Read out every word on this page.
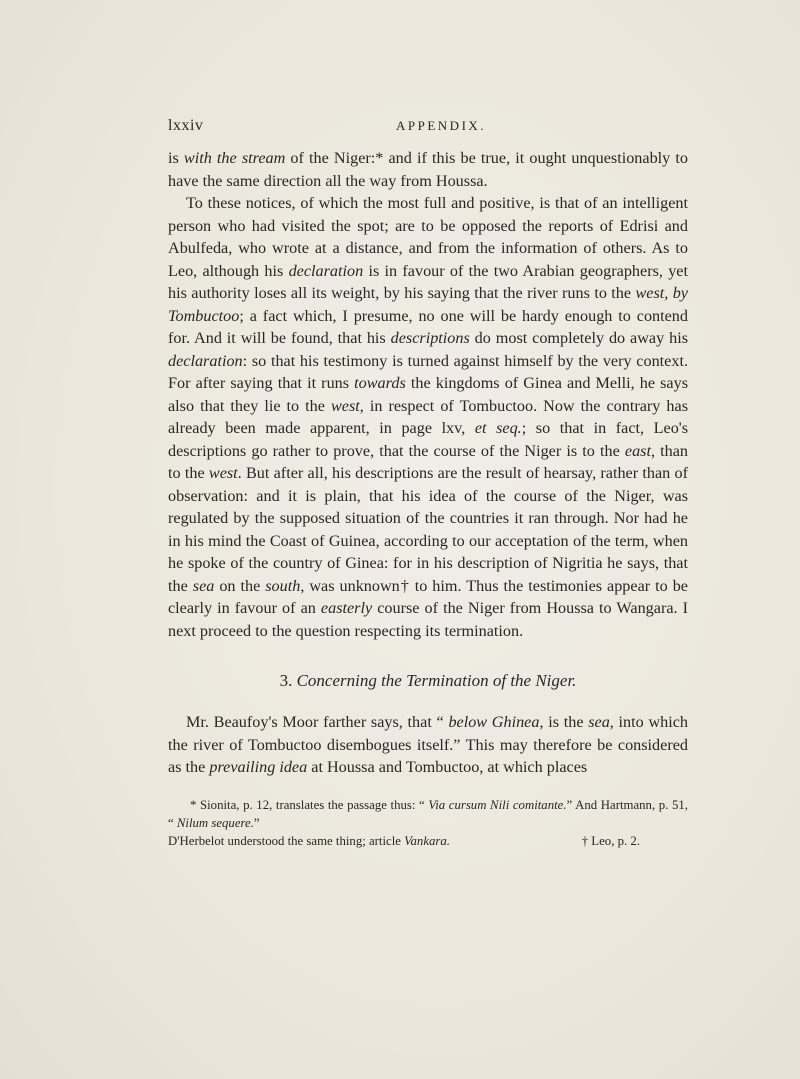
lxxiv	APPENDIX.

is with the stream of the Niger:* and if this be true, it ought unquestionably to have the same direction all the way from Houssa.

To these notices, of which the most full and positive, is that of an intelligent person who had visited the spot; are to be opposed the reports of Edrisi and Abulfeda, who wrote at a distance, and from the information of others. As to Leo, although his declaration is in favour of the two Arabian geographers, yet his authority loses all its weight, by his saying that the river runs to the west, by Tombuctoo; a fact which, I presume, no one will be hardy enough to contend for. And it will be found, that his descriptions do most completely do away his declaration: so that his testimony is turned against himself by the very context. For after saying that it runs towards the kingdoms of Ginea and Melli, he says also that they lie to the west, in respect of Tombuctoo. Now the contrary has already been made apparent, in page lxv, et seq.; so that in fact, Leo's descriptions go rather to prove, that the course of the Niger is to the east, than to the west. But after all, his descriptions are the result of hearsay, rather than of observation: and it is plain, that his idea of the course of the Niger, was regulated by the supposed situation of the countries it ran through. Nor had he in his mind the Coast of Guinea, according to our acceptation of the term, when he spoke of the country of Ginea: for in his description of Nigritia he says, that the sea on the south, was unknown† to him. Thus the testimonies appear to be clearly in favour of an easterly course of the Niger from Houssa to Wangara. I next proceed to the question respecting its termination.

3. Concerning the Termination of the Niger.

Mr. Beaufoy's Moor farther says, that “ below Ghinea, is the sea, into which the river of Tombuctoo disembogues itself.” This may therefore be considered as the prevailing idea at Houssa and Tombuctoo, at which places

* Sionita, p. 12, translates the passage thus: “ Via cursum Nili comitante.” And Hartmann, p. 51, “ Nilum sequere.”

D'Herbelot understood the same thing; article Vankara.	† Leo, p. 2.
